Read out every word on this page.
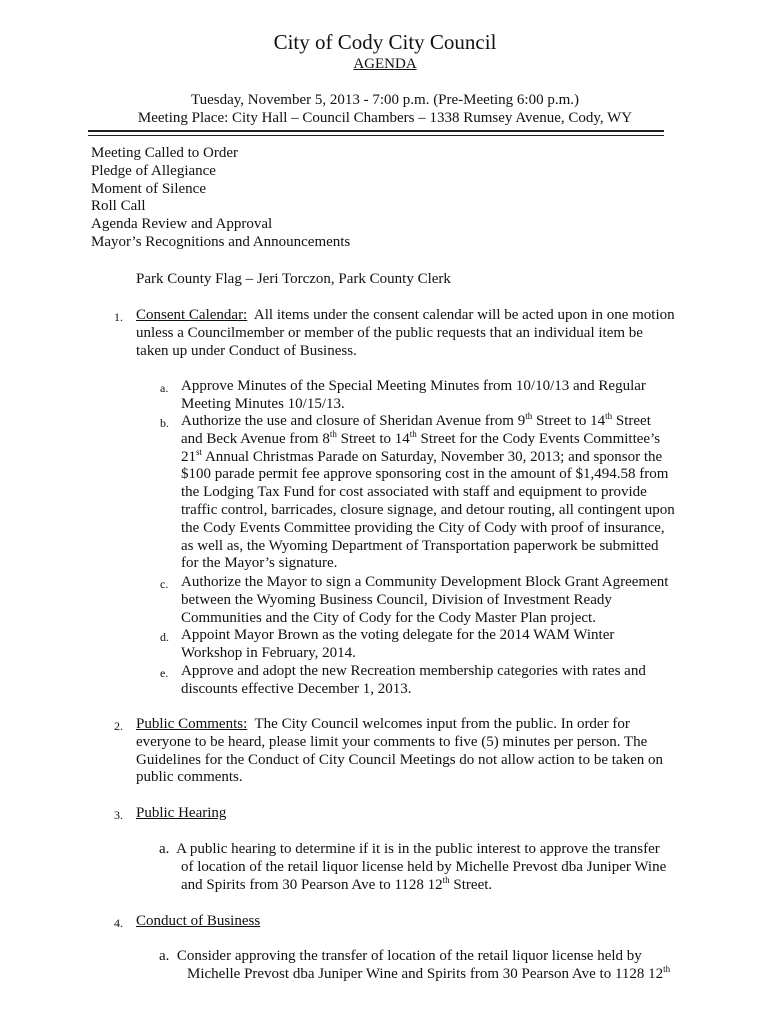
City of Cody City Council
AGENDA
Tuesday, November 5, 2013 - 7:00 p.m. (Pre-Meeting 6:00 p.m.)
Meeting Place: City Hall – Council Chambers – 1338 Rumsey Avenue, Cody, WY
Meeting Called to Order
Pledge of Allegiance
Moment of Silence
Roll Call
Agenda Review and Approval
Mayor’s Recognitions and Announcements
Park County Flag – Jeri Torczon, Park County Clerk
1. Consent Calendar: All items under the consent calendar will be acted upon in one motion
unless a Councilmember or member of the public requests that an individual item be
taken up under Conduct of Business.
a. Approve Minutes of the Special Meeting Minutes from 10/10/13 and Regular
Meeting Minutes 10/15/13.
b. Authorize the use and closure of Sheridan Avenue from 9th Street to 14th Street
and Beck Avenue from 8th Street to 14th Street for the Cody Events Committee’s
21st Annual Christmas Parade on Saturday, November 30, 2013; and sponsor the
$100 parade permit fee approve sponsoring cost in the amount of $1,494.58 from
the Lodging Tax Fund for cost associated with staff and equipment to provide
traffic control, barricades, closure signage, and detour routing, all contingent upon
the Cody Events Committee providing the City of Cody with proof of insurance,
as well as, the Wyoming Department of Transportation paperwork be submitted
for the Mayor’s signature.
c. Authorize the Mayor to sign a Community Development Block Grant Agreement
between the Wyoming Business Council, Division of Investment Ready
Communities and the City of Cody for the Cody Master Plan project.
d. Appoint Mayor Brown as the voting delegate for the 2014 WAM Winter
Workshop in February, 2014.
e. Approve and adopt the new Recreation membership categories with rates and
discounts effective December 1, 2013.
2. Public Comments: The City Council welcomes input from the public. In order for
everyone to be heard, please limit your comments to five (5) minutes per person. The
Guidelines for the Conduct of City Council Meetings do not allow action to be taken on
public comments.
3. Public Hearing
a. A public hearing to determine if it is in the public interest to approve the transfer
of location of the retail liquor license held by Michelle Prevost dba Juniper Wine
and Spirits from 30 Pearson Ave to 1128 12th Street.
4. Conduct of Business
a. Consider approving the transfer of location of the retail liquor license held by
Michelle Prevost dba Juniper Wine and Spirits from 30 Pearson Ave to 1128 12th
